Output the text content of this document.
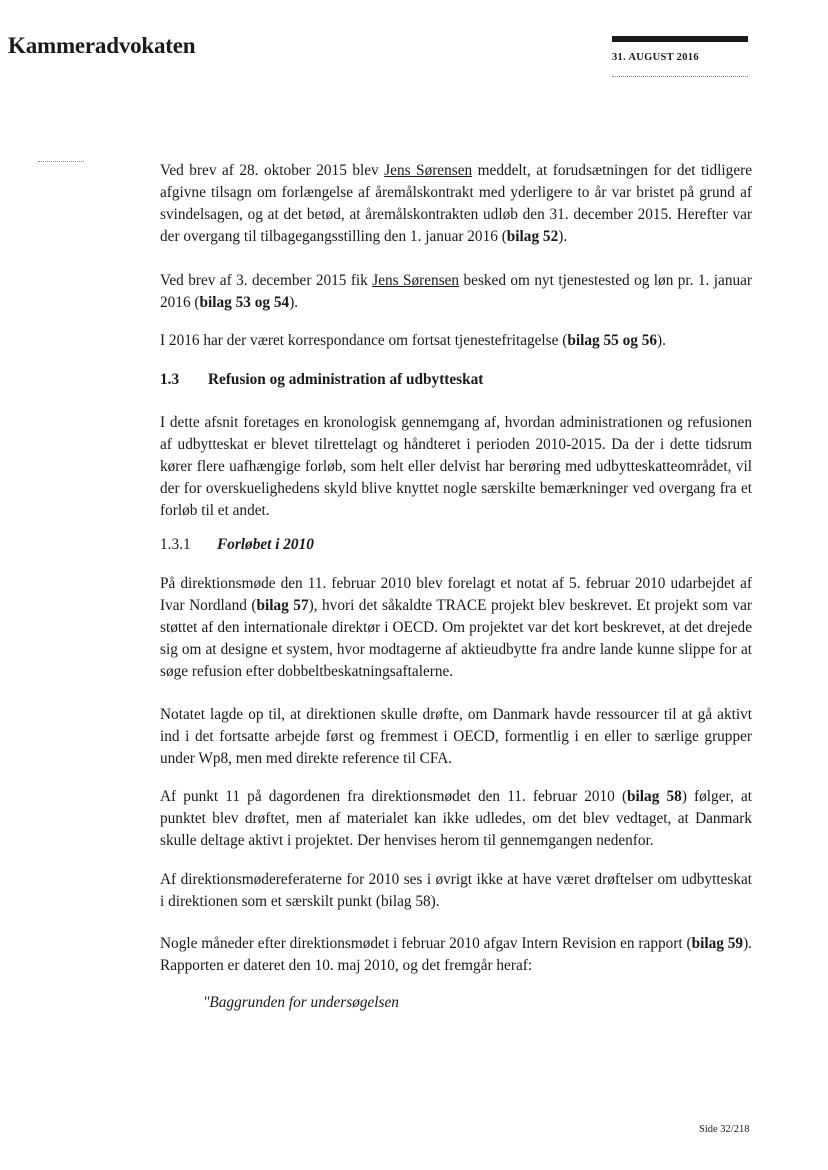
Kammeradvokaten	31. AUGUST 2016

Ved brev af 28. oktober 2015 blev Jens Sørensen meddelt, at forudsætningen for det tidligere afgivne tilsagn om forlængelse af åremålskontrakt med yderligere to år var bristet på grund af svindelsagen, og at det betød, at åremålskontrakten udløb den 31. december 2015. Herefter var der overgang til tilbagegangsstilling den 1. januar 2016 (bilag 52).

Ved brev af 3. december 2015 fik Jens Sørensen besked om nyt tjenestested og løn pr. 1. januar 2016 (bilag 53 og 54).

I 2016 har der været korrespondance om fortsat tjenestefritagelse (bilag 55 og 56).

1.3 Refusion og administration af udbytteskat

I dette afsnit foretages en kronologisk gennemgang af, hvordan administrationen og refusionen af udbytteskat er blevet tilrettelagt og håndteret i perioden 2010-2015. Da der i dette tidsrum kører flere uafhængige forløb, som helt eller delvist har berøring med udbytteskatteområdet, vil der for overskuelighedens skyld blive knyttet nogle særskilte bemærkninger ved overgang fra et forløb til et andet.

1.3.1 Forløbet i 2010

På direktionsmøde den 11. februar 2010 blev forelagt et notat af 5. februar 2010 udarbejdet af Ivar Nordland (bilag 57), hvori det såkaldte TRACE projekt blev beskrevet. Et projekt som var støttet af den internationale direktør i OECD. Om projektet var det kort beskrevet, at det drejede sig om at designe et system, hvor modtagerne af aktieudbytte fra andre lande kunne slippe for at søge refusion efter dobbeltbeskatningsaftalerne.

Notatet lagde op til, at direktionen skulle drøfte, om Danmark havde ressourcer til at gå aktivt ind i det fortsatte arbejde først og fremmest i OECD, formentlig i en eller to særlige grupper under Wp8, men med direkte reference til CFA.

Af punkt 11 på dagordenen fra direktionsmødet den 11. februar 2010 (bilag 58) følger, at punktet blev drøftet, men af materialet kan ikke udledes, om det blev vedtaget, at Danmark skulle deltage aktivt i projektet. Der henvises herom til gennemgangen nedenfor.

Af direktionsmødereferaterne for 2010 ses i øvrigt ikke at have været drøftelser om udbytteskat i direktionen som et særskilt punkt (bilag 58).

Nogle måneder efter direktionsmødet i februar 2010 afgav Intern Revision en rapport (bilag 59). Rapporten er dateret den 10. maj 2010, og det fremgår heraf:

"Baggrunden for undersøgelsen
Side 32/218
